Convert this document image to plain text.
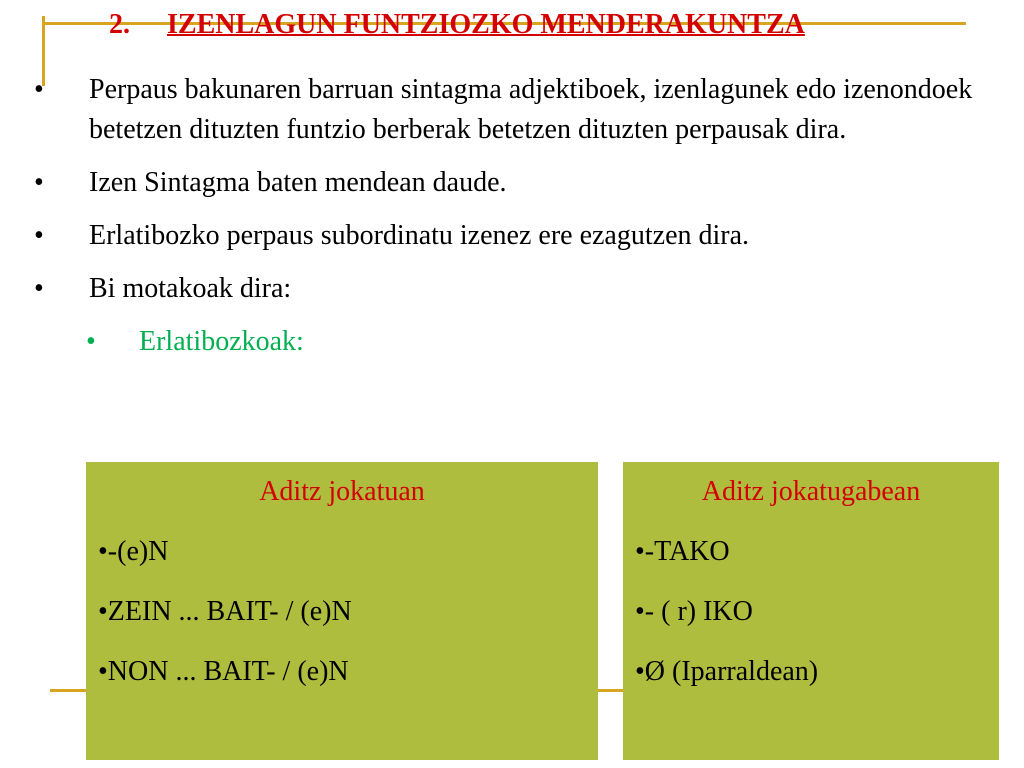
2. IZENLAGUN FUNTZIOZKO MENDERAKUNTZA
• Perpaus bakunaren barruan sintagma adjektiboek, izenlagunek edo izenondoek betetzen dituzten funtzio berberak betetzen dituzten perpausak dira.
• Izen Sintagma baten mendean daude.
• Erlatibozko perpaus subordinatu izenez ere ezagutzen dira.
• Bi motakoak dira:
• Erlatibozkoak:
Aditz jokatuan
•-(e)N
•ZEIN ... BAIT- / (e)N
•NON ... BAIT- / (e)N
Aditz jokatugabean
•-TAKO
•- ( r) IKO
•Ø (Iparraldean)
